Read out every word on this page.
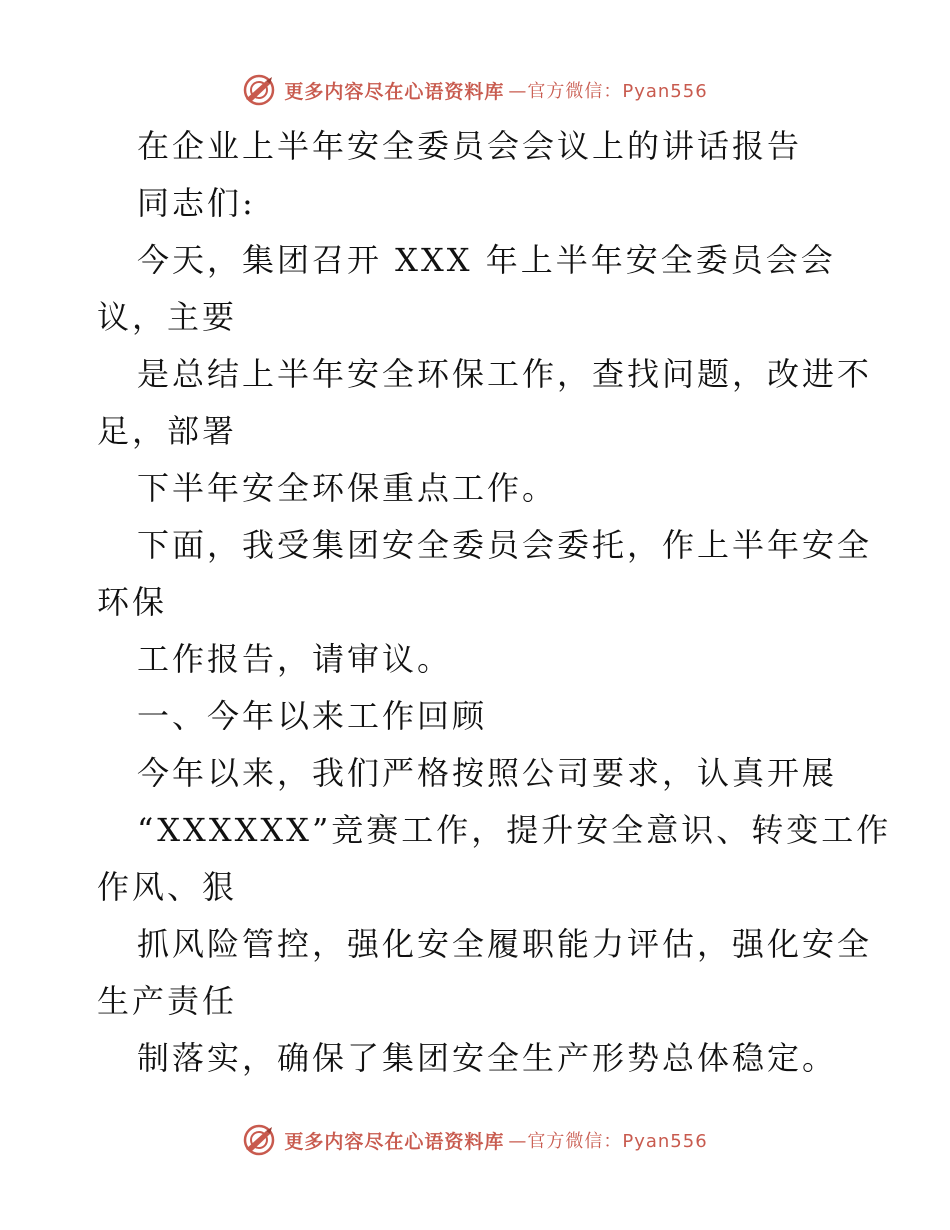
更多内容尽在心语资料库 —官方微信：Pyan556
在企业上半年安全委员会会议上的讲话报告
同志们:
今天，集团召开 XXX 年上半年安全委员会会
议，主要
是总结上半年安全环保工作，查找问题，改进不
足，部署
下半年安全环保重点工作。
下面，我受集团安全委员会委托，作上半年安全
环保
工作报告，请审议。
一、今年以来工作回顾
今年以来，我们严格按照公司要求，认真开展
“XXXXXX”竞赛工作，提升安全意识、转变工作
作风、狠
抓风险管控，强化安全履职能力评估，强化安全
生产责任
制落实，确保了集团安全生产形势总体稳定。
更多内容尽在心语资料库 —官方微信：Pyan556
